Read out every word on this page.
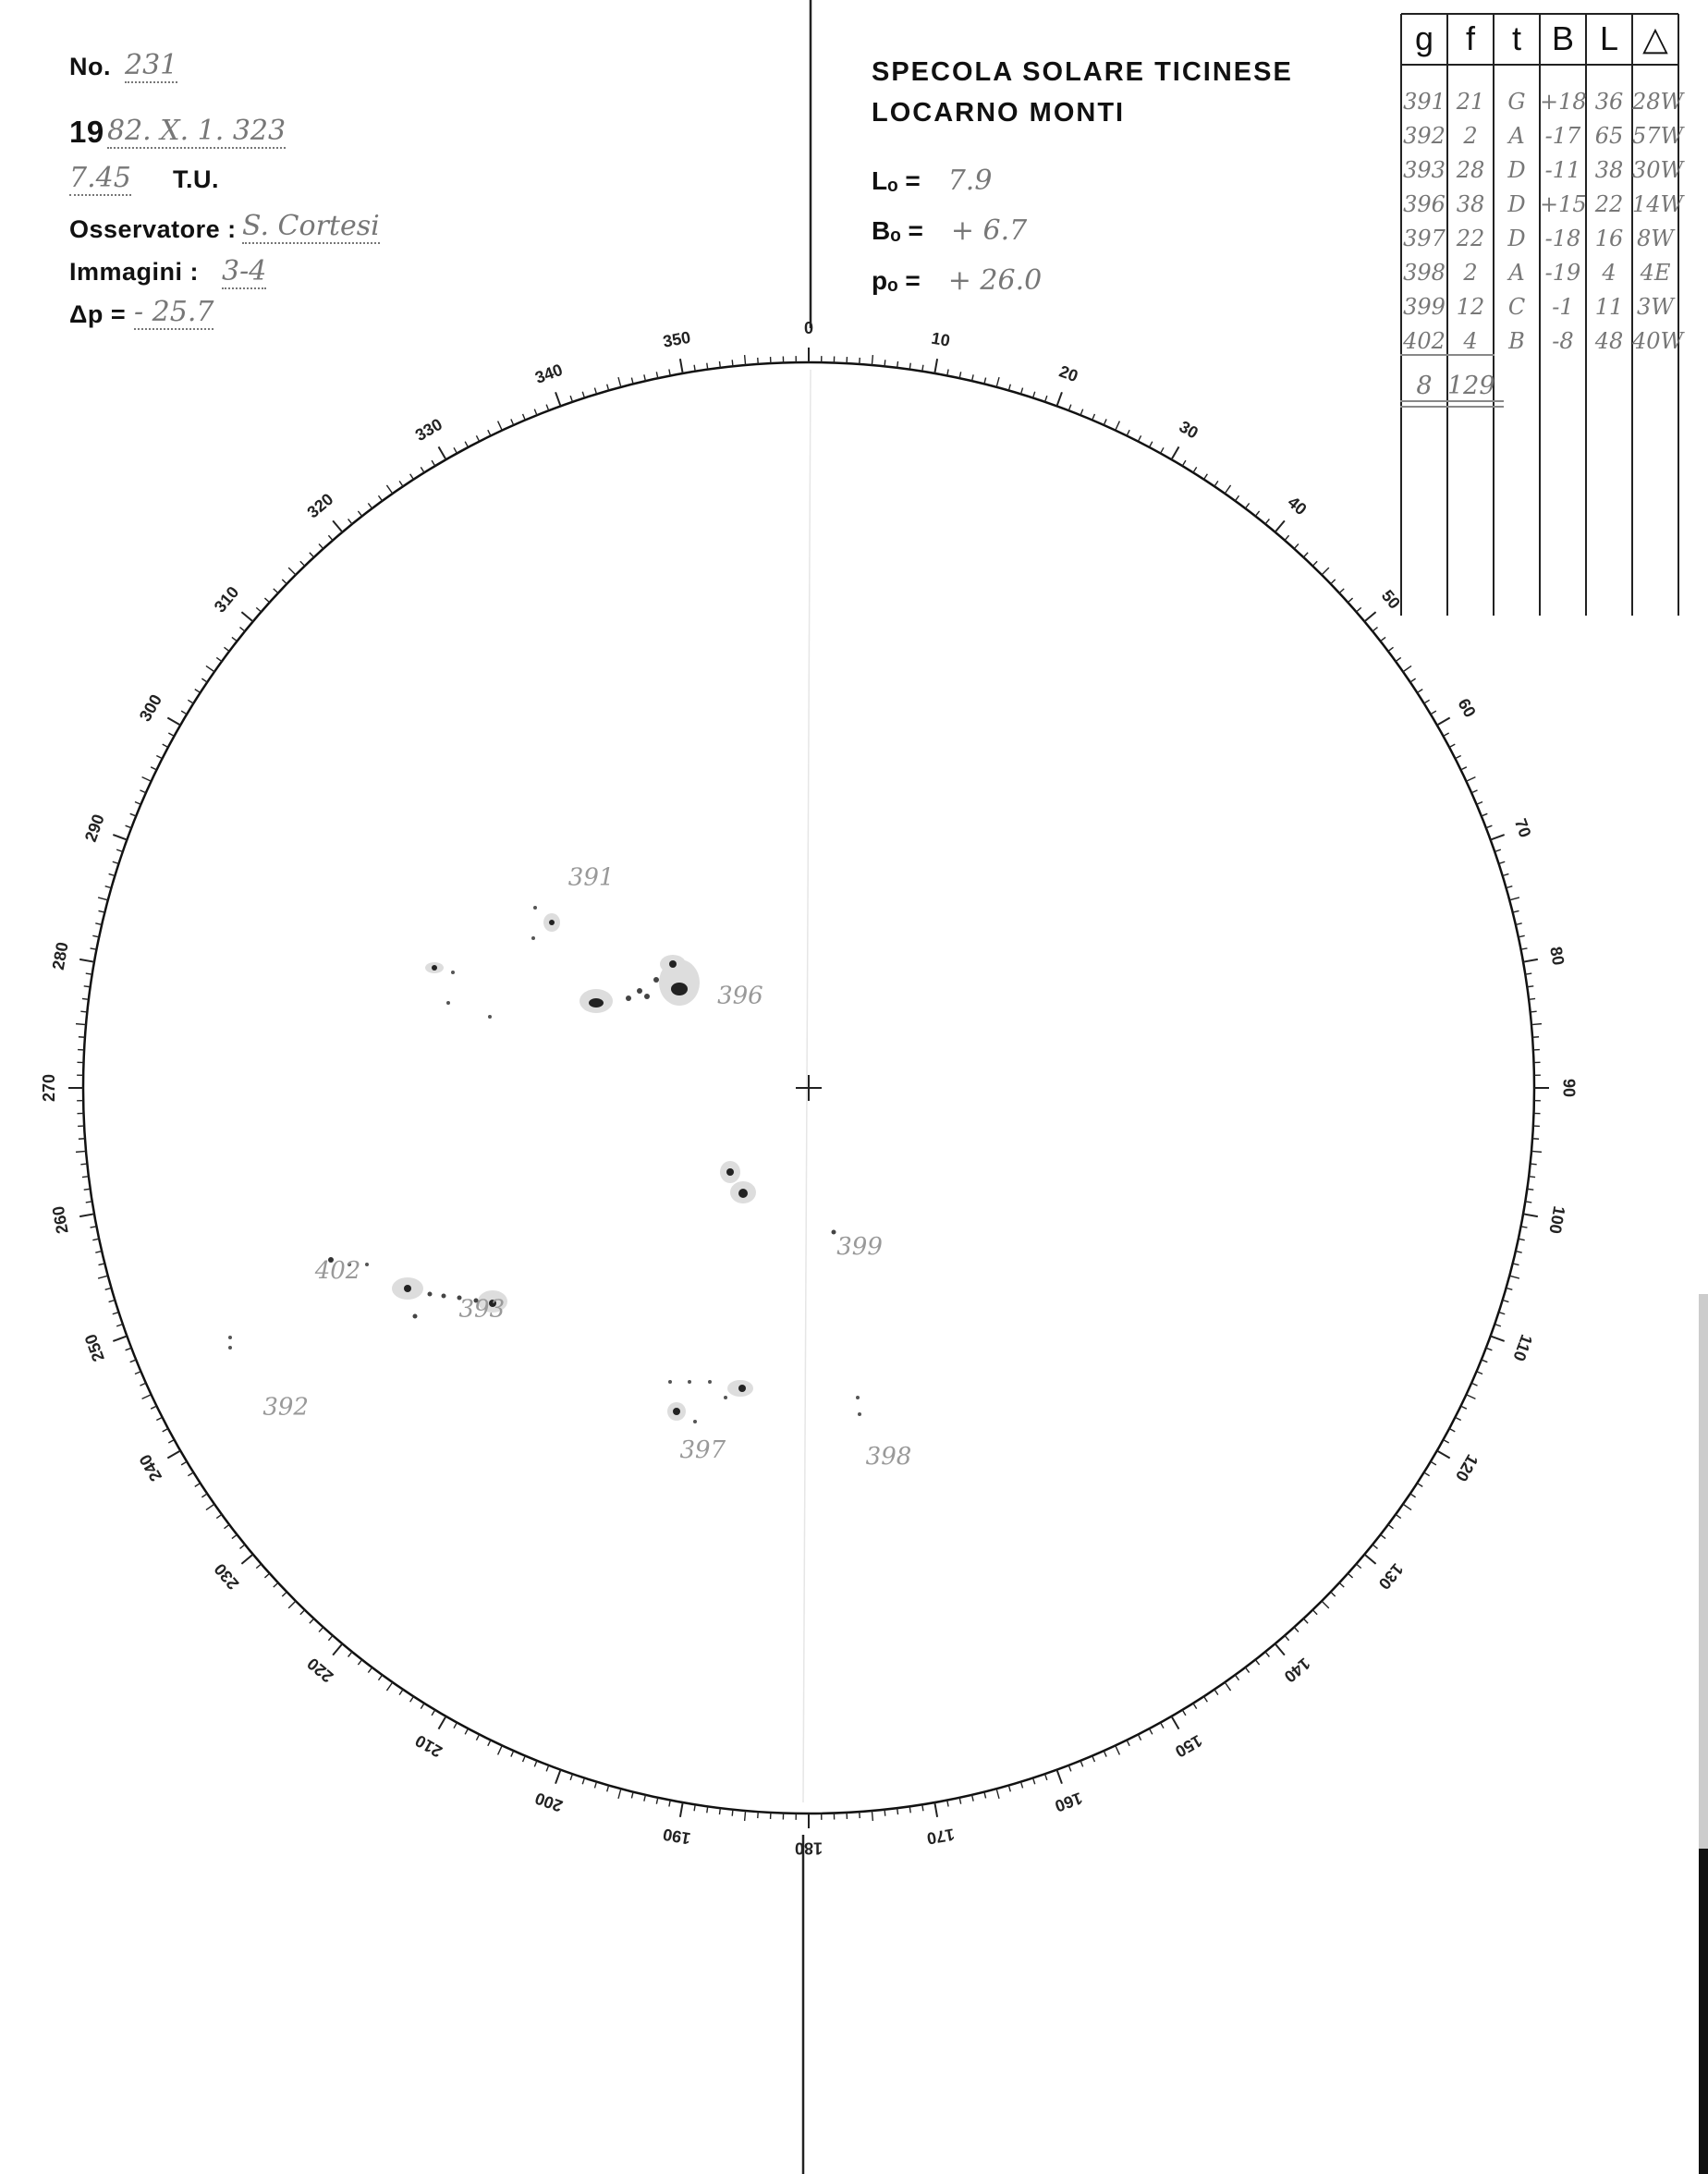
No. 231
19 82. X. 1. 323
7.45 T.U.
Osservatore : S. Cortesi
Immagini : 3-4
Δp = - 25.7
SPECOLA SOLARE TICINESE
LOCARNO MONTI
Lₒ = 7.9
Bₒ = + 6.7
pₒ = + 26.0
g f	t B L △
391 21	G +18 36 28W
392 2	A -17 65 57W
393 28	D -11 38 30W
396 38	D +15 22 14W
397 22	D -18 16 8W
398 2	A -19 4	4E
399 12	C	-1 11 3W
402 4	B	-8 48 40W
8 129
0
10
20
30
40
50
60
70
80
90
100
110
120
130
140
150
160
170
180
190
200
210
220
230
240
250
260
270
280
290
300
310
320
330
340
350
391
396
402
399
393
392
397	398
